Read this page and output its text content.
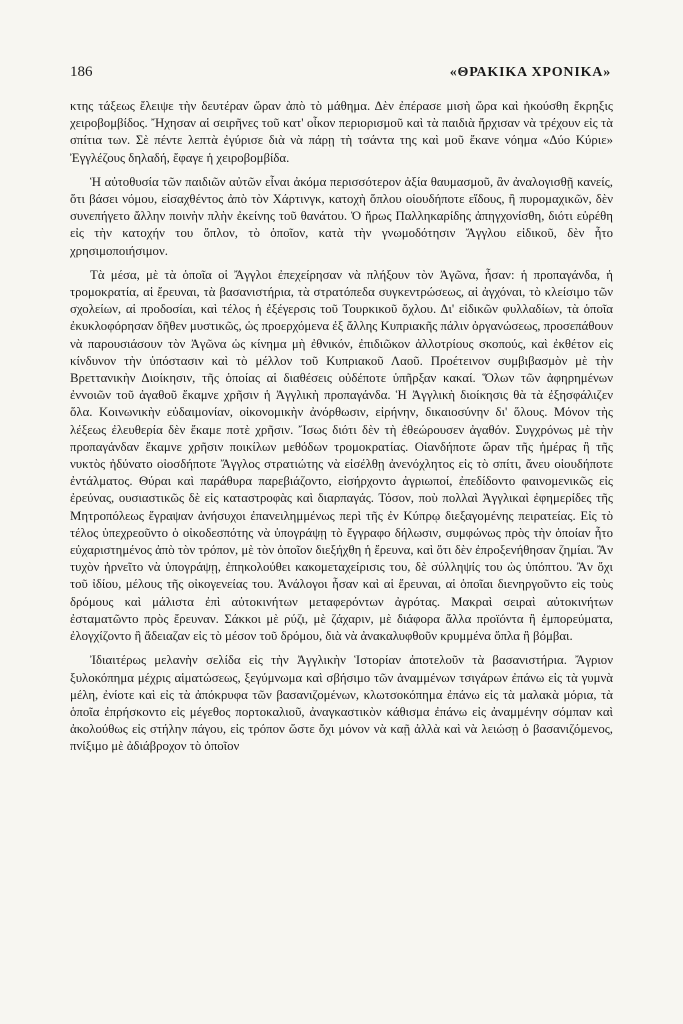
186	«ΘΡΑΚΙΚΑ ΧΡΟΝΙΚΑ»

κτης τάξεως ἔλειψε τὴν δευτέραν ὥραν ἀπὸ τὸ μάθημα. Δὲν ἐπέρασε μισὴ ὥρα καὶ ἠκούσθη ἔκρηξις χειροβομβίδος. Ἤχησαν αἱ σειρῆνες τοῦ κατ' οἶκον περιορισμοῦ καὶ τὰ παιδιὰ ἤρχισαν νὰ τρέχουν εἰς τὰ σπίτια των. Σὲ πέντε λεπτὰ ἐγύρισε διὰ νὰ πάρῃ τὴ τσάντα της καὶ μοῦ ἔκανε νόημα «Δύο Κύριε» Ἐγγλέζους δηλαδή, ἔφαγε ἡ χειροβομβίδα.

Ἡ αὐτοθυσία τῶν παιδιῶν αὐτῶν εἶναι ἀκόμα περισσότερον ἀξία θαυμασμοῦ, ἂν ἀναλογισθῇ κανείς, ὅτι βάσει νόμου, εἰσαχθέντος ἀπὸ τὸν Χάρτινγκ, κατοχὴ ὅπλου οἱουδήποτε εἴδους, ἢ πυρομαχικῶν, δὲν συνεπήγετο ἄλλην ποινὴν πλὴν ἐκείνης τοῦ θανάτου. Ὁ ἥρως Παλληκαρίδης ἀπηγχονίσθη, διότι εὑρέθη εἰς τὴν κατοχήν του ὅπλον, τὸ ὁποῖον, κατὰ τὴν γνωμοδότησιν Ἄγγλου εἰδικοῦ, δὲν ἦτο χρησιμοποιήσιμον.

Τὰ μέσα, μὲ τὰ ὁποῖα οἱ Ἄγγλοι ἐπεχείρησαν νὰ πλήξουν τὸν Ἀγῶνα, ἦσαν: ἡ προπαγάνδα, ἡ τρομοκρατία, αἱ ἔρευναι, τὰ βασανιστήρια, τὰ στρατόπεδα συγκεντρώσεως, αἱ ἀγχόναι, τὸ κλείσιμο τῶν σχολείων, αἱ προδοσίαι, καὶ τέλος ἡ ἐξέγερσις τοῦ Τουρκικοῦ ὄχλου. Δι' εἰδικῶν φυλλαδίων, τὰ ὁποῖα ἐκυκλοφόρησαν δῆθεν μυστικῶς, ὡς προερχόμενα ἐξ ἄλλης Κυπριακῆς πάλιν ὀργανώσεως, προσεπάθουν νὰ παρουσιάσουν τὸν Ἀγῶνα ὡς κίνημα μὴ ἐθνικόν, ἐπιδιῶκον ἀλλοτρίους σκοπούς, καὶ ἐκθέτον εἰς κίνδυνον τὴν ὑπόστασιν καὶ τὸ μέλλον τοῦ Κυπριακοῦ Λαοῦ. Προέτεινον συμβιβασμὸν μὲ τὴν Βρεττανικὴν Διοίκησιν, τῆς ὁποίας αἱ διαθέσεις οὐδέποτε ὑπῆρξαν κακαί. Ὅλων τῶν ἀφηρημένων ἐννοιῶν τοῦ ἀγαθοῦ ἔκαμνε χρῆσιν ἡ Ἀγγλικὴ προπαγάνδα. Ἡ Ἀγγλικὴ διοίκησις θὰ τὰ ἐξησφάλιζεν ὅλα. Κοινωνικὴν εὐδαιμονίαν, οἰκονομικὴν ἀνόρθωσιν, εἰρήνην, δικαιοσύνην δι' ὅλους. Μόνον τὴς λέξεως ἐλευθερία δὲν ἔκαμε ποτὲ χρῆσιν. Ἴσως διότι δὲν τὴ ἐθεώρουσεν ἀγαθόν. Συγχρόνως μὲ τὴν προπαγάνδαν ἔκαμνε χρῆσιν ποικίλων μεθόδων τρομοκρατίας. Οἱανδήποτε ὥραν τῆς ἡμέρας ἢ τῆς νυκτὸς ἠδύνατο οἱοσδήποτε Ἄγγλος στρατιώτης νὰ εἰσέλθῃ ἀνενόχλητος εἰς τὸ σπίτι, ἄνευ οἱουδήποτε ἐντάλματος. Θύραι καὶ παράθυρα παρεβιάζοντο, εἰσήρχοντο ἀγριωποί, ἐπεδίδοντο φαινομενικῶς εἰς ἐρεύνας, ουσιαστικῶς δὲ εἰς καταστροφὰς καὶ διαρπαγάς. Τόσον, ποὺ πολλαὶ Ἀγγλικαὶ ἐφημερίδες τῆς Μητροπόλεως ἔγραψαν ἀνήσυχοι ἐπανειλημμένως περὶ τῆς ἐν Κύπρῳ διεξαγομένης πειρατείας. Εἰς τὸ τέλος ὑπεχρεοῦντο ὁ οἰκοδεσπότης νὰ ὑπογράψῃ τὸ ἔγγραφο δήλωσιν, συμφώνως πρὸς τὴν ὁποίαν ἦτο εὐχαριστημένος ἀπὸ τὸν τρόπον, μὲ τὸν ὁποῖον διεξήχθη ἡ ἔρευνα, καὶ ὅτι δὲν ἐπροξενήθησαν ζημίαι. Ἂν τυχὸν ἠρνεῖτο νὰ ὑπογράψῃ, ἐπηκολούθει κακομεταχείρισις του, δὲ σύλληψίς του ὡς ὑπόπτου. Ἂν ὄχι τοῦ ἰδίου, μέλους τῆς οἰκογενείας του. Ἀνάλογοι ἦσαν καὶ αἱ ἔρευναι, αἱ ὁποῖαι διενηργοῦντο εἰς τοὺς δρόμους καὶ μάλιστα ἐπὶ αὐτοκινήτων μεταφερόντων ἀγρότας. Μακραὶ σειραὶ αὐτοκινήτων ἐσταματῶντο πρὸς ἔρευναν. Σάκκοι μὲ ρύζι, μὲ ζάχαριν, μὲ διάφορα ἄλλα προϊόντα ἢ ἐμπορεύματα, ἐλογχίζοντο ἢ ἄδειαζαν εἰς τὸ μέσον τοῦ δρόμου, διὰ νὰ ἀνακαλυφθοῦν κρυμμένα ὅπλα ἢ βόμβαι.

Ἰδιαιτέρως μελανὴν σελίδα εἰς τὴν Ἀγγλικὴν Ἱστορίαν ἀποτελοῦν τὰ βασανιστήρια. Ἄγριον ξυλοκόπημα μέχρις αἱματώσεως, ξεγύμνωμα καὶ σβήσιμο τῶν ἀναμμένων τσιγάρων ἐπάνω εἰς τὰ γυμνὰ μέλη, ἐνίοτε καὶ εἰς τὰ ἀπόκρυφα τῶν βασανιζομένων, κλωτσοκόπημα ἐπάνω εἰς τὰ μαλακὰ μόρια, τὰ ὁποῖα ἐπρήσκοντο εἰς μέγεθος πορτοκαλιοῦ, ἀναγκαστικὸν κάθισμα ἐπάνω εἰς ἀναμμένην σόμπαν καὶ ἀκολούθως εἰς στήλην πάγου, εἰς τρόπον ὥστε ὄχι μόνον νὰ καῇ ἀλλὰ καὶ νὰ λειώσῃ ὁ βασανιζόμενος, πνίξιμο μὲ ἀδιάβροχον τὸ ὁποῖον
